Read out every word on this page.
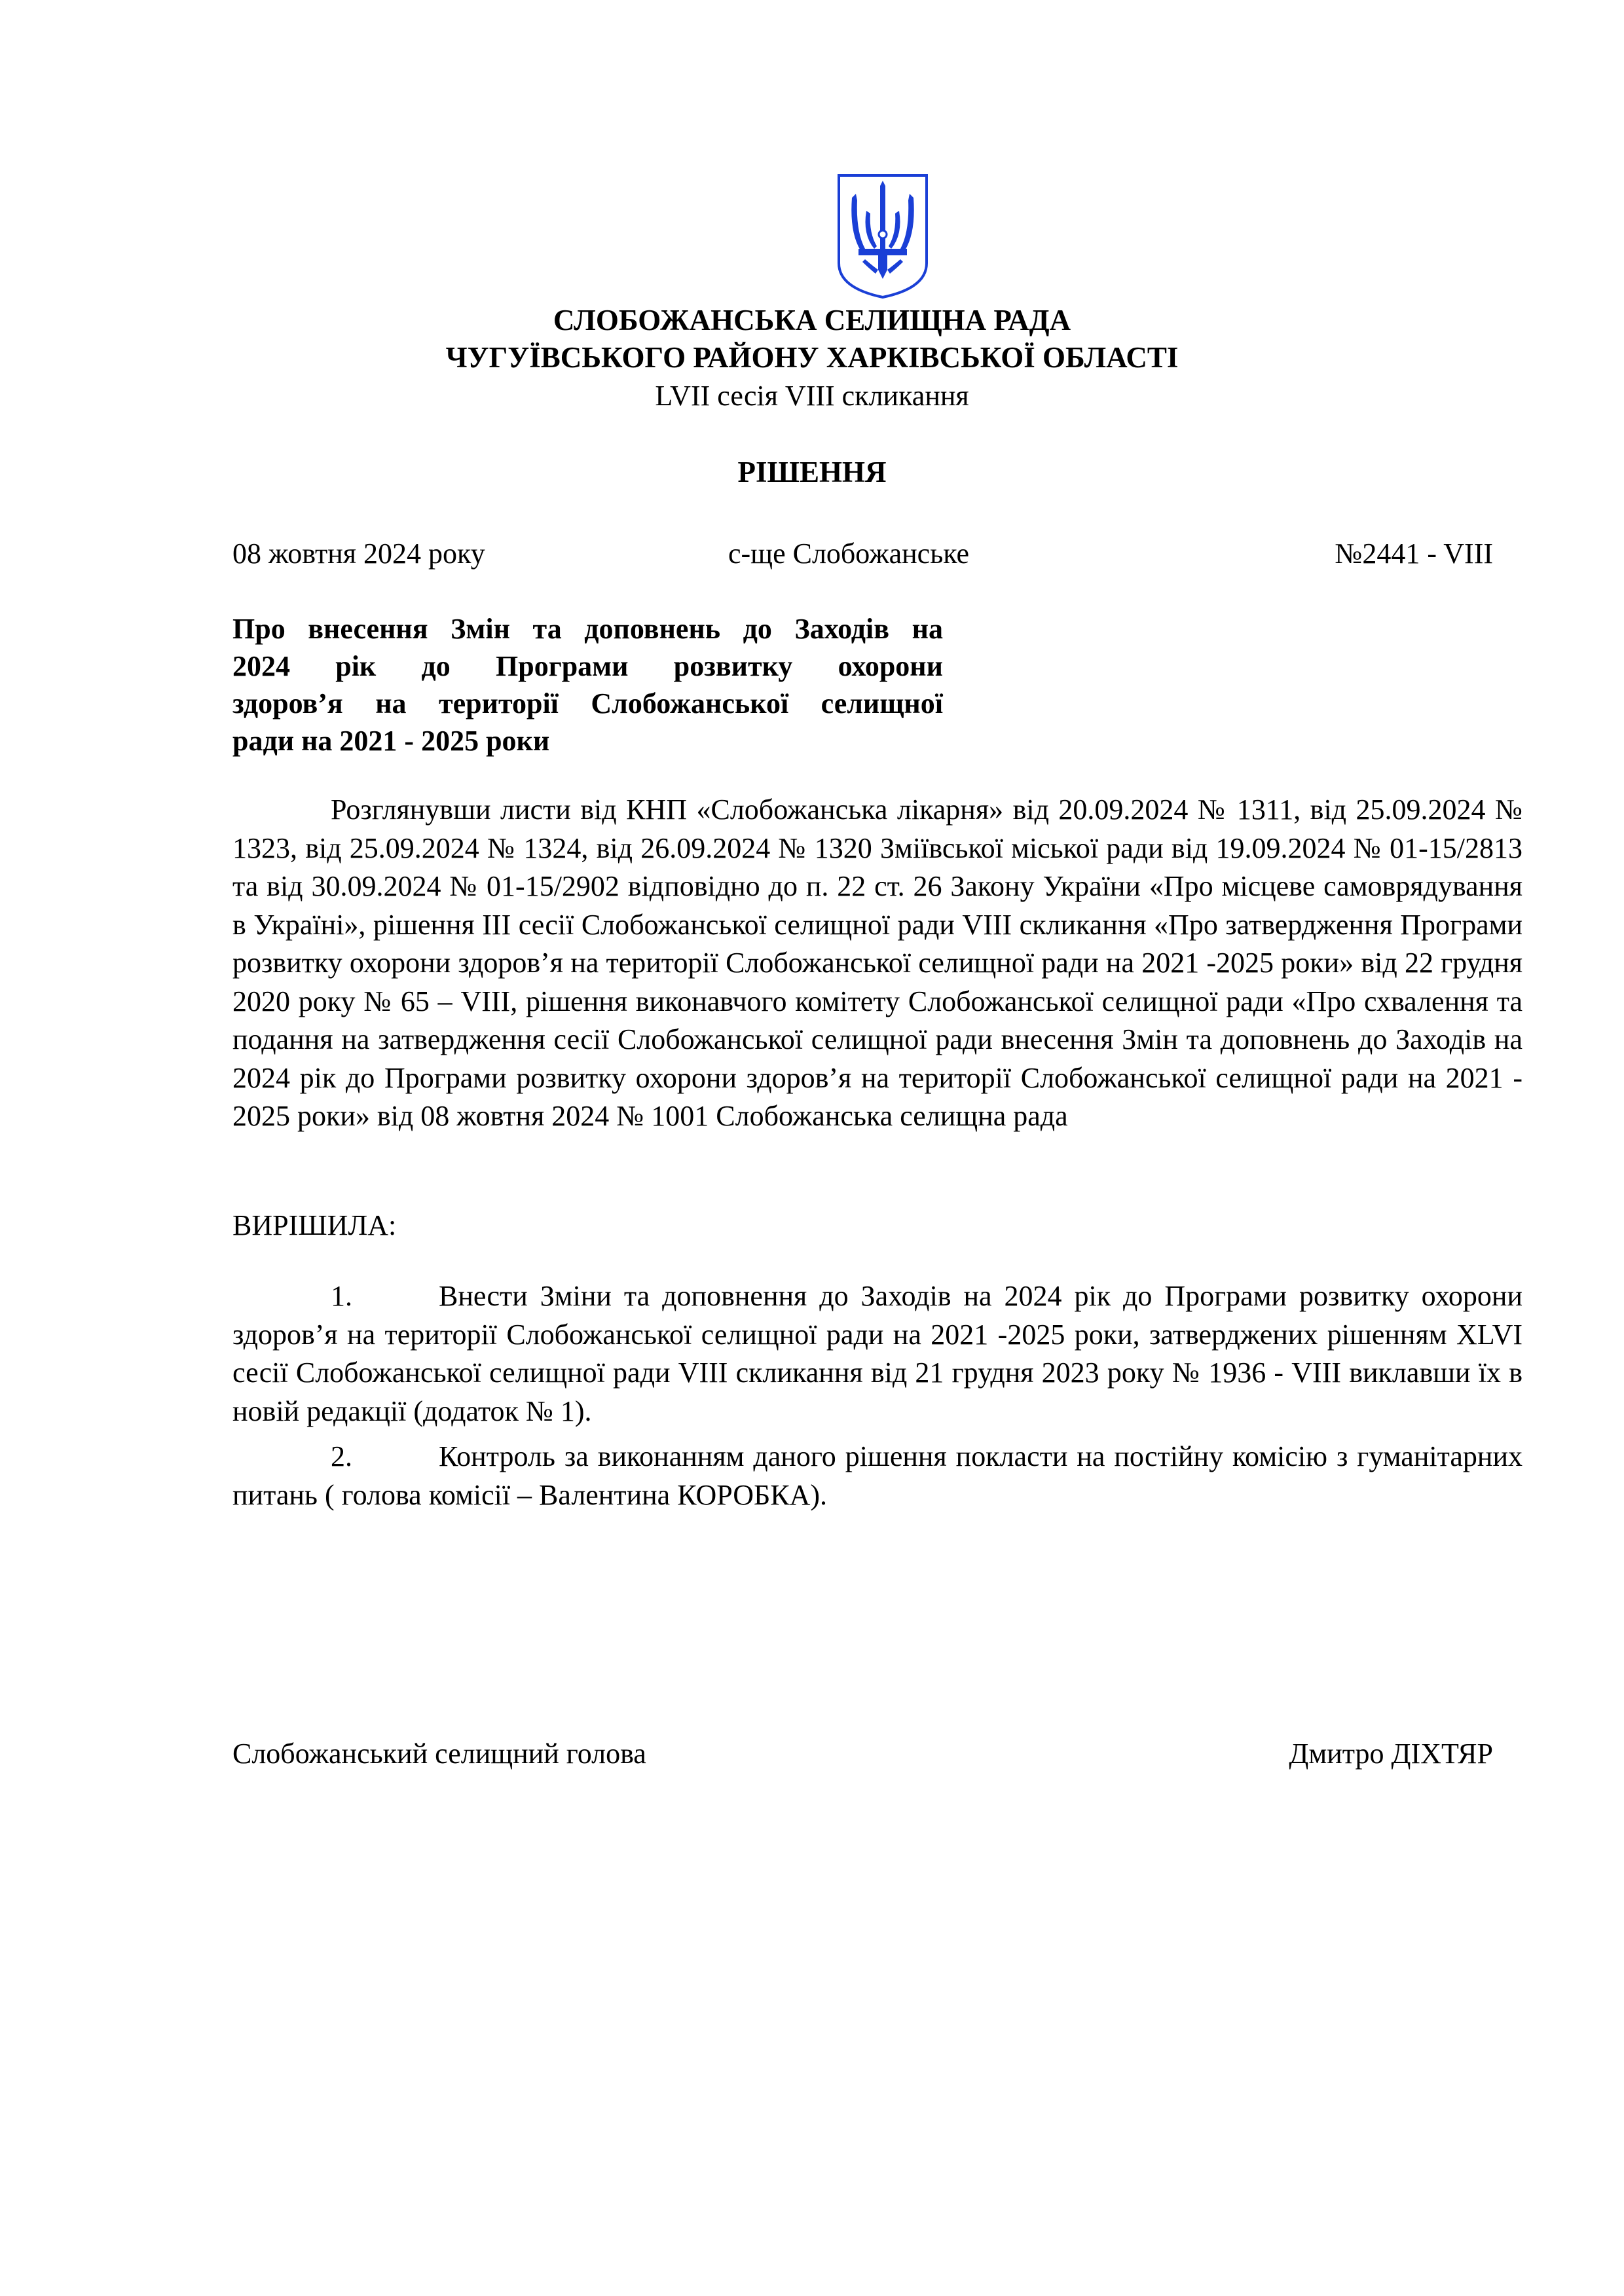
СЛОБОЖАНСЬКА СЕЛИЩНА РАДА
ЧУГУЇВСЬКОГО РАЙОНУ ХАРКІВСЬКОЇ ОБЛАСТІ
LVII сесія VIII скликання
РІШЕННЯ
08 жовтня 2024 року	с-ще Слобожанське	№2441 - VIII
Про внесення Змін та доповнень до Заходів на
2024 рік до Програми розвитку охорони
здоров’я на території Слобожанської селищної
ради на 2021 - 2025 роки
Розглянувши листи від КНП «Слобожанська лікарня» від 20.09.2024 № 1311, від 25.09.2024 № 1323, від 25.09.2024 № 1324, від 26.09.2024 № 1320 Зміївської міської ради від 19.09.2024 № 01-15/2813 та від 30.09.2024 № 01-15/2902 відповідно до п. 22 ст. 26 Закону України «Про місцеве самоврядування в Україні», рішення ІІІ сесії Слобожанської селищної ради VIII скликання «Про затвердження Програми розвитку охорони здоров’я на території Слобожанської селищної ради на 2021 -2025 роки» від 22 грудня 2020 року № 65 – VIII, рішення виконавчого комітету Слобожанської селищної ради «Про схвалення та подання на затвердження сесії Слобожанської селищної ради внесення Змін та доповнень до Заходів на 2024 рік до Програми розвитку охорони здоров’я на території Слобожанської селищної ради на 2021 - 2025 роки» від 08 жовтня 2024 № 1001 Слобожанська селищна рада
ВИРІШИЛА:
1.	Внести Зміни та доповнення до Заходів на 2024 рік до Програми розвитку охорони здоров’я на території Слобожанської селищної ради на 2021 -2025 роки, затверджених рішенням XLVI сесії Слобожанської селищної ради VIII скликання від 21 грудня 2023 року № 1936 - VIII виклавши їх в новій редакції (додаток № 1).
2.	Контроль за виконанням даного рішення покласти на постійну комісію з гуманітарних питань ( голова комісії – Валентина КОРОБКА).
Слобожанський селищний голова	Дмитро ДІХТЯР
